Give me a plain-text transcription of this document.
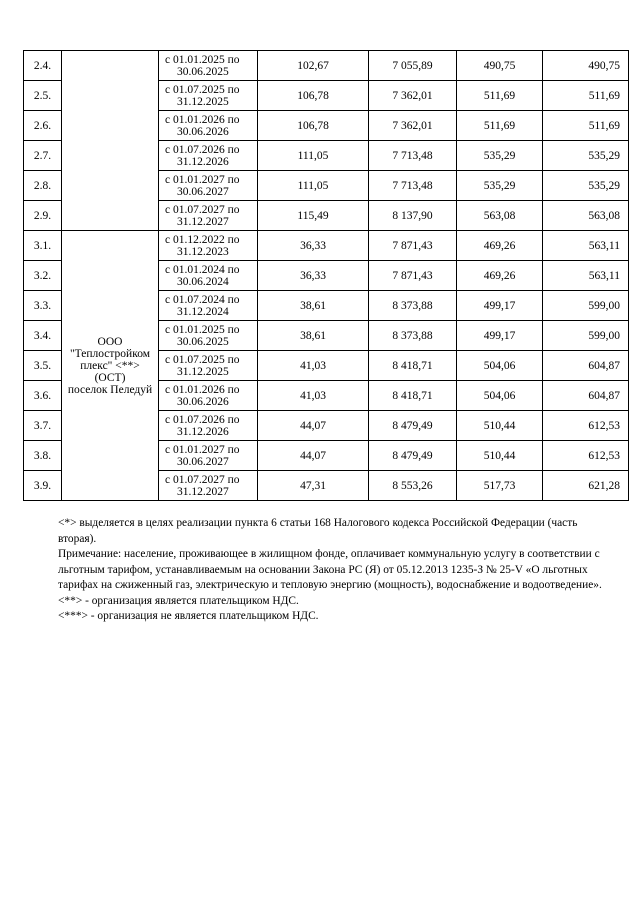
2.4.		с 01.01.2025 по
30.06.2025	102,67	7 055,89	490,75	490,75
2.5.		с 01.07.2025 по
31.12.2025	106,78	7 362,01	511,69	511,69
2.6.		с 01.01.2026 по
30.06.2026	106,78	7 362,01	511,69	511,69
2.7.		с 01.07.2026 по
31.12.2026	111,05	7 713,48	535,29	535,29
2.8.		с 01.01.2027 по
30.06.2027	111,05	7 713,48	535,29	535,29
2.9.		с 01.07.2027 по
31.12.2027	115,49	8 137,90	563,08	563,08
3.1.	ООО
"Теплостройком
плекс" <**>
(ОСТ)
поселок Пеледуй	с 01.12.2022 по
31.12.2023	36,33	7 871,43	469,26	563,11
3.2.		с 01.01.2024 по
30.06.2024	36,33	7 871,43	469,26	563,11
3.3.		с 01.07.2024 по
31.12.2024	38,61	8 373,88	499,17	599,00
3.4.		с 01.01.2025 по
30.06.2025	38,61	8 373,88	499,17	599,00
3.5.		с 01.07.2025 по
31.12.2025	41,03	8 418,71	504,06	604,87
3.6.		с 01.01.2026 по
30.06.2026	41,03	8 418,71	504,06	604,87
3.7.		с 01.07.2026 по
31.12.2026	44,07	8 479,49	510,44	612,53
3.8.		с 01.01.2027 по
30.06.2027	44,07	8 479,49	510,44	612,53
3.9.		с 01.07.2027 по
31.12.2027	47,31	8 553,26	517,73	621,28

<*> выделяется в целях реализации пункта 6 статьи 168 Налогового кодекса Российской Федерации (часть вторая).

Примечание: население, проживающее в жилищном фонде, оплачивает коммунальную услугу в соответствии с льготным тарифом, устанавливаемым на основании Закона РС (Я) от 05.12.2013 1235-З № 25-V «О льготных тарифах на сжиженный газ, электрическую и тепловую энергию (мощность), водоснабжение и водоотведение».

<**> - организация является плательщиком НДС.

<***> - организация не является плательщиком НДС.
